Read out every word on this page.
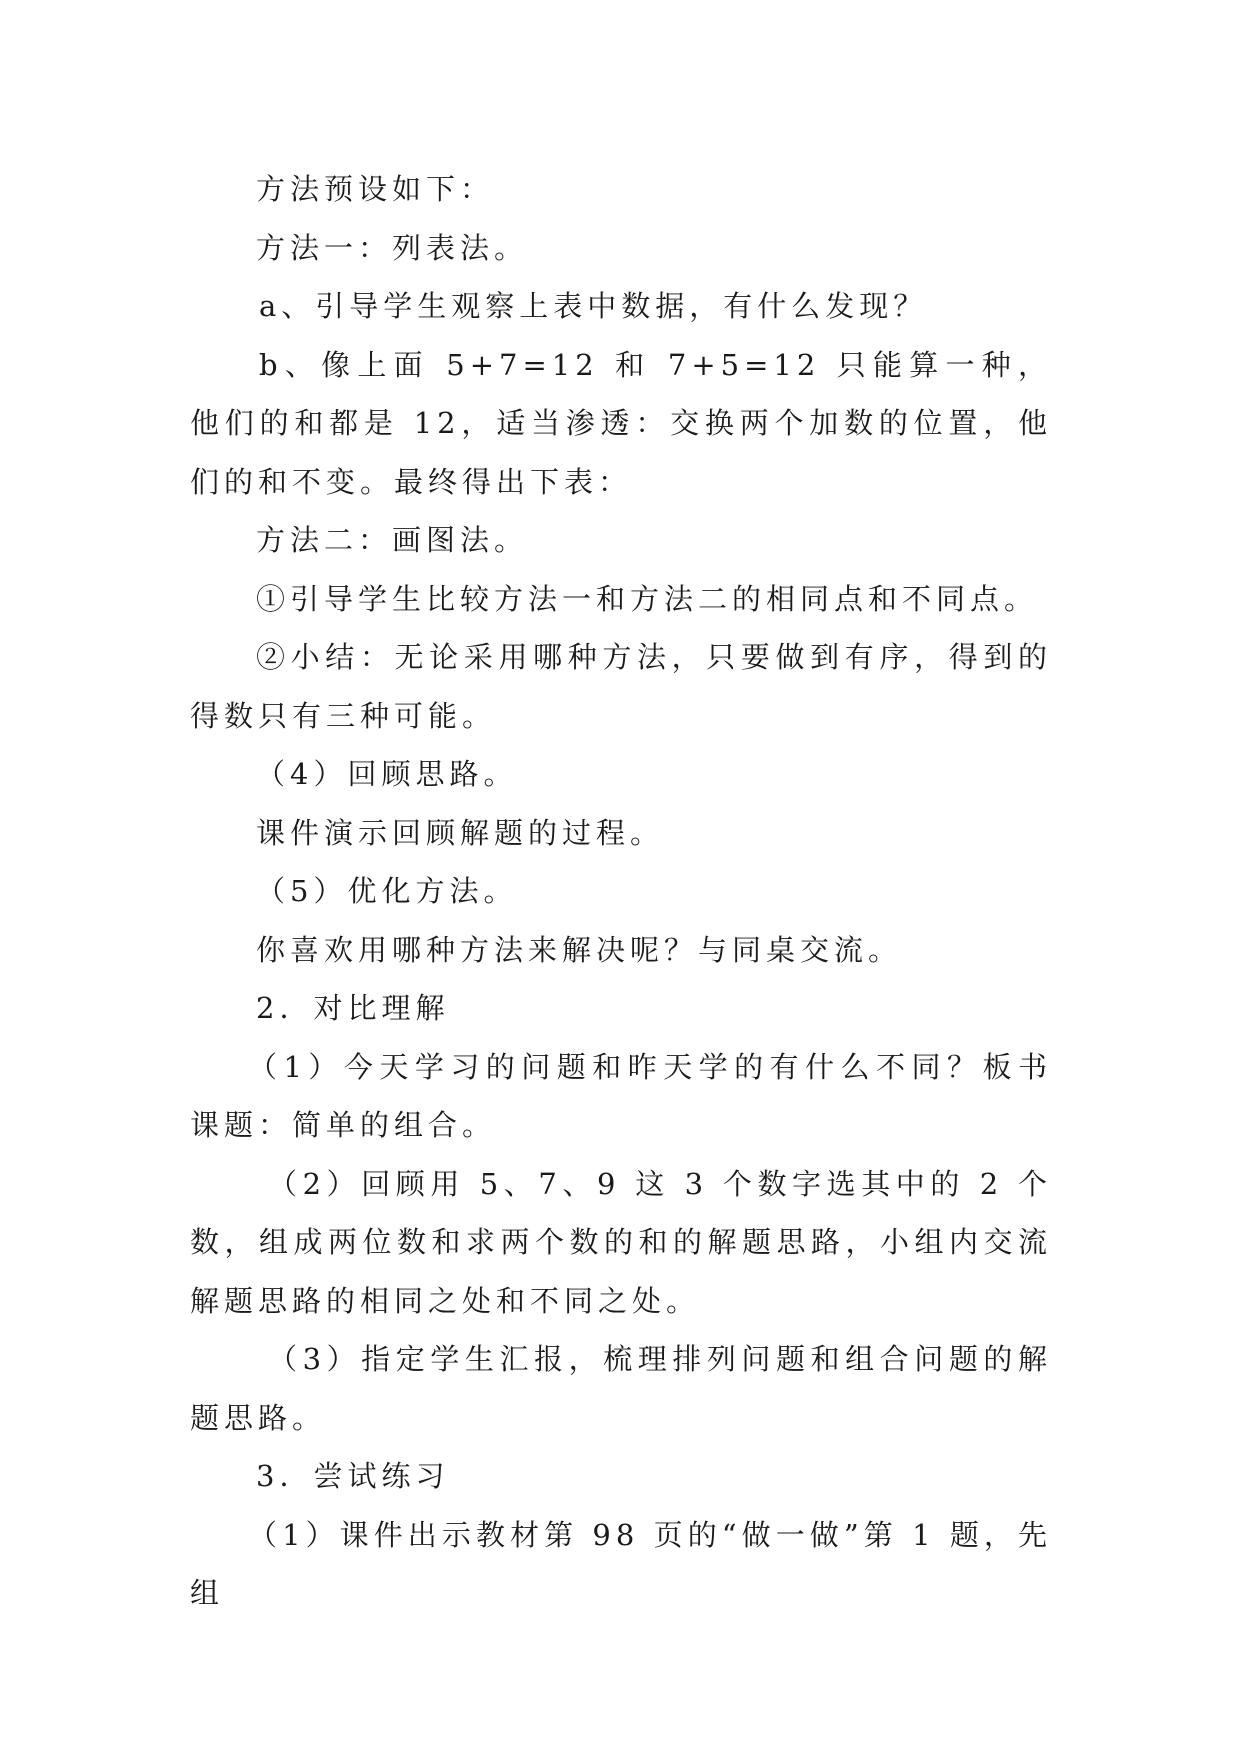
方法预设如下：

方法一：列表法。

a、引导学生观察上表中数据，有什么发现？

b、像上面 5+7=12 和 7+5=12 只能算一种，他们的和都是 12，适当渗透：交换两个加数的位置，他们的和不变。最终得出下表：

方法二：画图法。

①引导学生比较方法一和方法二的相同点和不同点。

②小结：无论采用哪种方法，只要做到有序，得到的得数只有三种可能。

（4）回顾思路。

课件演示回顾解题的过程。

（5）优化方法。

你喜欢用哪种方法来解决呢？与同桌交流。

2．对比理解

（1）今天学习的问题和昨天学的有什么不同？板书课题：简单的组合。

（2）回顾用 5、7、9 这 3 个数字选其中的 2 个数，组成两位数和求两个数的和的解题思路，小组内交流解题思路的相同之处和不同之处。

（3）指定学生汇报，梳理排列问题和组合问题的解题思路。

3．尝试练习

（1）课件出示教材第 98 页的“做一做”第 1 题，先组
